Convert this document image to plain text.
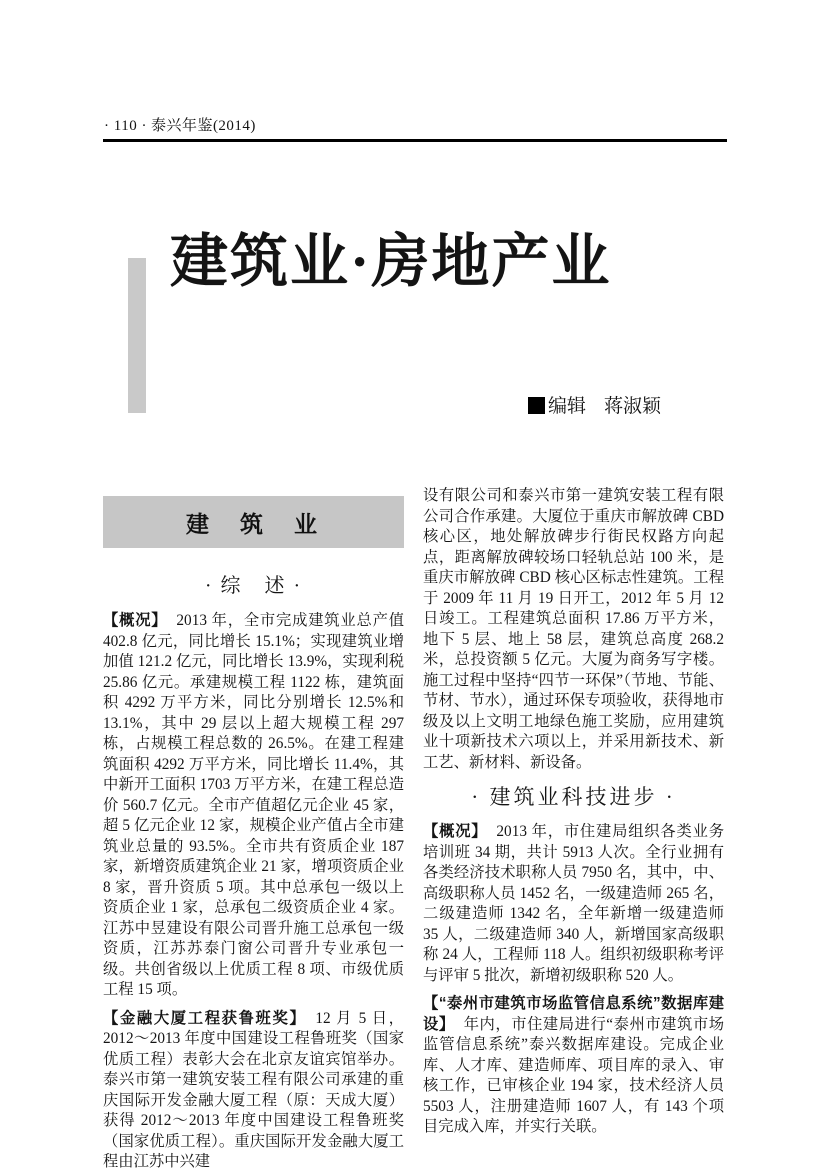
· 110 · 泰兴年鉴(2014)
建筑业·房地产业
编辑 蒋淑颖
建　筑　业
· 综　述 ·

【概况】 2013 年，全市完成建筑业总产值 402.8 亿元，同比增长 15.1%；实现建筑业增加值 121.2 亿元，同比增长 13.9%，实现利税 25.86 亿元。承建规模工程 1122 栋，建筑面积 4292 万平方米，同比分别增长 12.5%和 13.1%，其中 29 层以上超大规模工程 297 栋，占规模工程总数的 26.5%。在建工程建筑面积 4292 万平方米，同比增长 11.4%，其中新开工面积 1703 万平方米，在建工程总造价 560.7 亿元。全市产值超亿元企业 45 家，超 5 亿元企业 12 家，规模企业产值占全市建筑业总量的 93.5%。全市共有资质企业 187 家，新增资质建筑企业 21 家，增项资质企业 8 家，晋升资质 5 项。其中总承包一级以上资质企业 1 家，总承包二级资质企业 4 家。江苏中昱建设有限公司晋升施工总承包一级资质，江苏苏泰门窗公司晋升专业承包一级。共创省级以上优质工程 8 项、市级优质工程 15 项。

【金融大厦工程获鲁班奖】 12 月 5 日，2012～2013 年度中国建设工程鲁班奖（国家优质工程）表彰大会在北京友谊宾馆举办。泰兴市第一建筑安装工程有限公司承建的重庆国际开发金融大厦工程（原：天成大厦）获得 2012～2013 年度中国建设工程鲁班奖（国家优质工程）。重庆国际开发金融大厦工程由江苏中兴建

设有限公司和泰兴市第一建筑安装工程有限公司合作承建。大厦位于重庆市解放碑 CBD 核心区，地处解放碑步行街民权路方向起点，距离解放碑较场口轻轨总站 100 米，是重庆市解放碑 CBD 核心区标志性建筑。工程于 2009 年 11 月 19 日开工，2012 年 5 月 12 日竣工。工程建筑总面积 17.86 万平方米，地下 5 层、地上 58 层，建筑总高度 268.2 米，总投资额 5 亿元。大厦为商务写字楼。施工过程中坚持“四节一环保”（节地、节能、节材、节水），通过环保专项验收，获得地市级及以上文明工地绿色施工奖励，应用建筑业十项新技术六项以上，并采用新技术、新工艺、新材料、新设备。

· 建筑业科技进步 ·

【概况】 2013 年，市住建局组织各类业务培训班 34 期，共计 5913 人次。全行业拥有各类经济技术职称人员 7950 名，其中，中、高级职称人员 1452 名，一级建造师 265 名，二级建造师 1342 名，全年新增一级建造师 35 人，二级建造师 340 人，新增国家高级职称 24 人，工程师 118 人。组织初级职称考评与评审 5 批次，新增初级职称 520 人。

【“泰州市建筑市场监管信息系统”数据库建设】 年内，市住建局进行“泰州市建筑市场监管信息系统”泰兴数据库建设。完成企业库、人才库、建造师库、项目库的录入、审核工作，已审核企业 194 家，技术经济人员 5503 人，注册建造师 1607 人，有 143 个项目完成入库，并实行关联。
